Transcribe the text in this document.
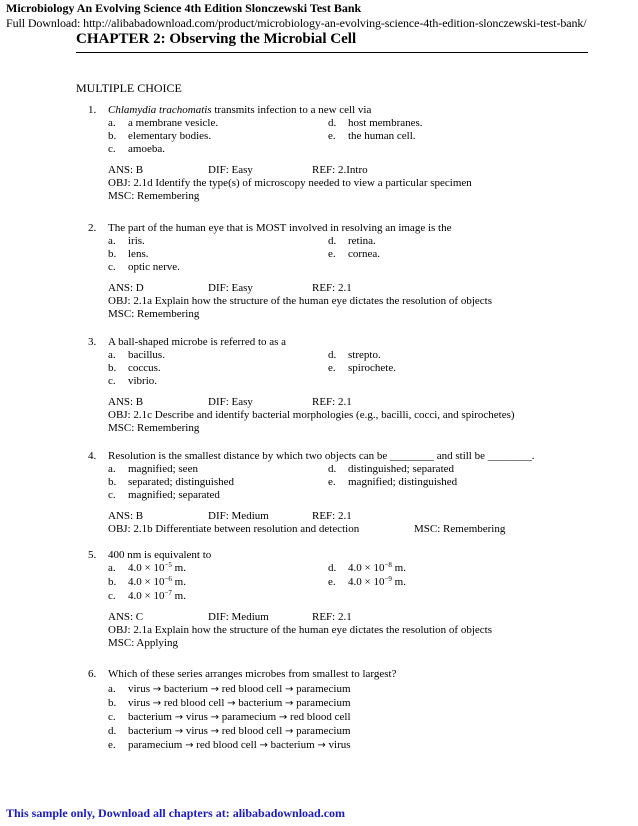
Microbiology An Evolving Science 4th Edition Slonczewski Test Bank
Full Download: http://alibabadownload.com/product/microbiology-an-evolving-science-4th-edition-slonczewski-test-bank/
CHAPTER 2: Observing the Microbial Cell
MULTIPLE CHOICE
1. Chlamydia trachomatis transmits infection to a new cell via
a. a membrane vesicle.	d. host membranes.
b. elementary bodies.	e. the human cell.
c. amoeba.
ANS: B	DIF: Easy	REF: 2.Intro
OBJ: 2.1d Identify the type(s) of microscopy needed to view a particular specimen
MSC: Remembering
2. The part of the human eye that is MOST involved in resolving an image is the
a. iris.	d. retina.
b. lens.	e. cornea.
c. optic nerve.
ANS: D	DIF: Easy	REF: 2.1
OBJ: 2.1a Explain how the structure of the human eye dictates the resolution of objects
MSC: Remembering
3. A ball-shaped microbe is referred to as a
a. bacillus.	d. strepto.
b. coccus.	e. spirochete.
c. vibrio.
ANS: B	DIF: Easy	REF: 2.1
OBJ: 2.1c Describe and identify bacterial morphologies (e.g., bacilli, cocci, and spirochetes)
MSC: Remembering
4. Resolution is the smallest distance by which two objects can be ________ and still be ________.
a. magnified; seen	d. distinguished; separated
b. separated; distinguished	e. magnified; distinguished
c. magnified; separated
ANS: B	DIF: Medium	REF: 2.1
OBJ: 2.1b Differentiate between resolution and detection	MSC: Remembering
5. 400 nm is equivalent to
a. $4.0 \times 10^{-5}$ m.	d. $4.0 \times 10^{-8}$ m.
b. $4.0 \times 10^{-6}$ m.	e. $4.0 \times 10^{-9}$ m.
c. $4.0 \times 10^{-7}$ m.
ANS: C	DIF: Medium	REF: 2.1
OBJ: 2.1a Explain how the structure of the human eye dictates the resolution of objects
MSC: Applying
6. Which of these series arranges microbes from smallest to largest?
a. virus → bacterium → red blood cell → paramecium
b. virus → red blood cell → bacterium → paramecium
c. bacterium → virus → paramecium → red blood cell
d. bacterium → virus → red blood cell → paramecium
e. paramecium → red blood cell → bacterium → virus
This sample only, Download all chapters at: alibabadownload.com
